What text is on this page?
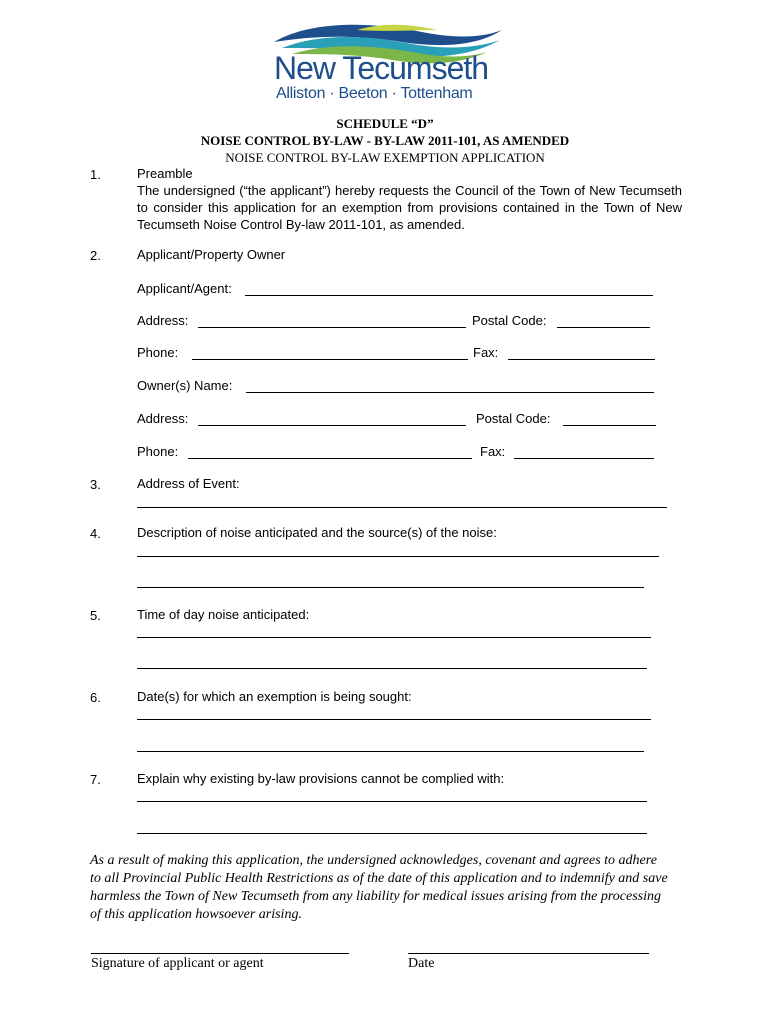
New Tecumseth
Alliston · Beeton · Tottenham
SCHEDULE “D”
NOISE CONTROL BY-LAW - BY-LAW 2011-101, AS AMENDED
NOISE CONTROL BY-LAW EXEMPTION APPLICATION
1.	Preamble
The undersigned (“the applicant”) hereby requests the Council of the Town of New Tecumseth to consider this application for an exemption from provisions contained in the Town of New Tecumseth Noise Control By-law 2011-101, as amended.
2.	Applicant/Property Owner
Applicant/Agent:
Address:	Postal Code:
Phone:	Fax:
Owner(s) Name:
Address:	Postal Code:
Phone:	Fax:
3.	Address of Event:
4.	Description of noise anticipated and the source(s) of the noise:
5.	Time of day noise anticipated:
6.	Date(s) for which an exemption is being sought:
7.	Explain why existing by-law provisions cannot be complied with:
As a result of making this application, the undersigned acknowledges, covenant and agrees to adhere to all Provincial Public Health Restrictions as of the date of this application and to indemnify and save harmless the Town of New Tecumseth from any liability for medical issues arising from the processing of this application howsoever arising.
Signature of applicant or agent	Date
